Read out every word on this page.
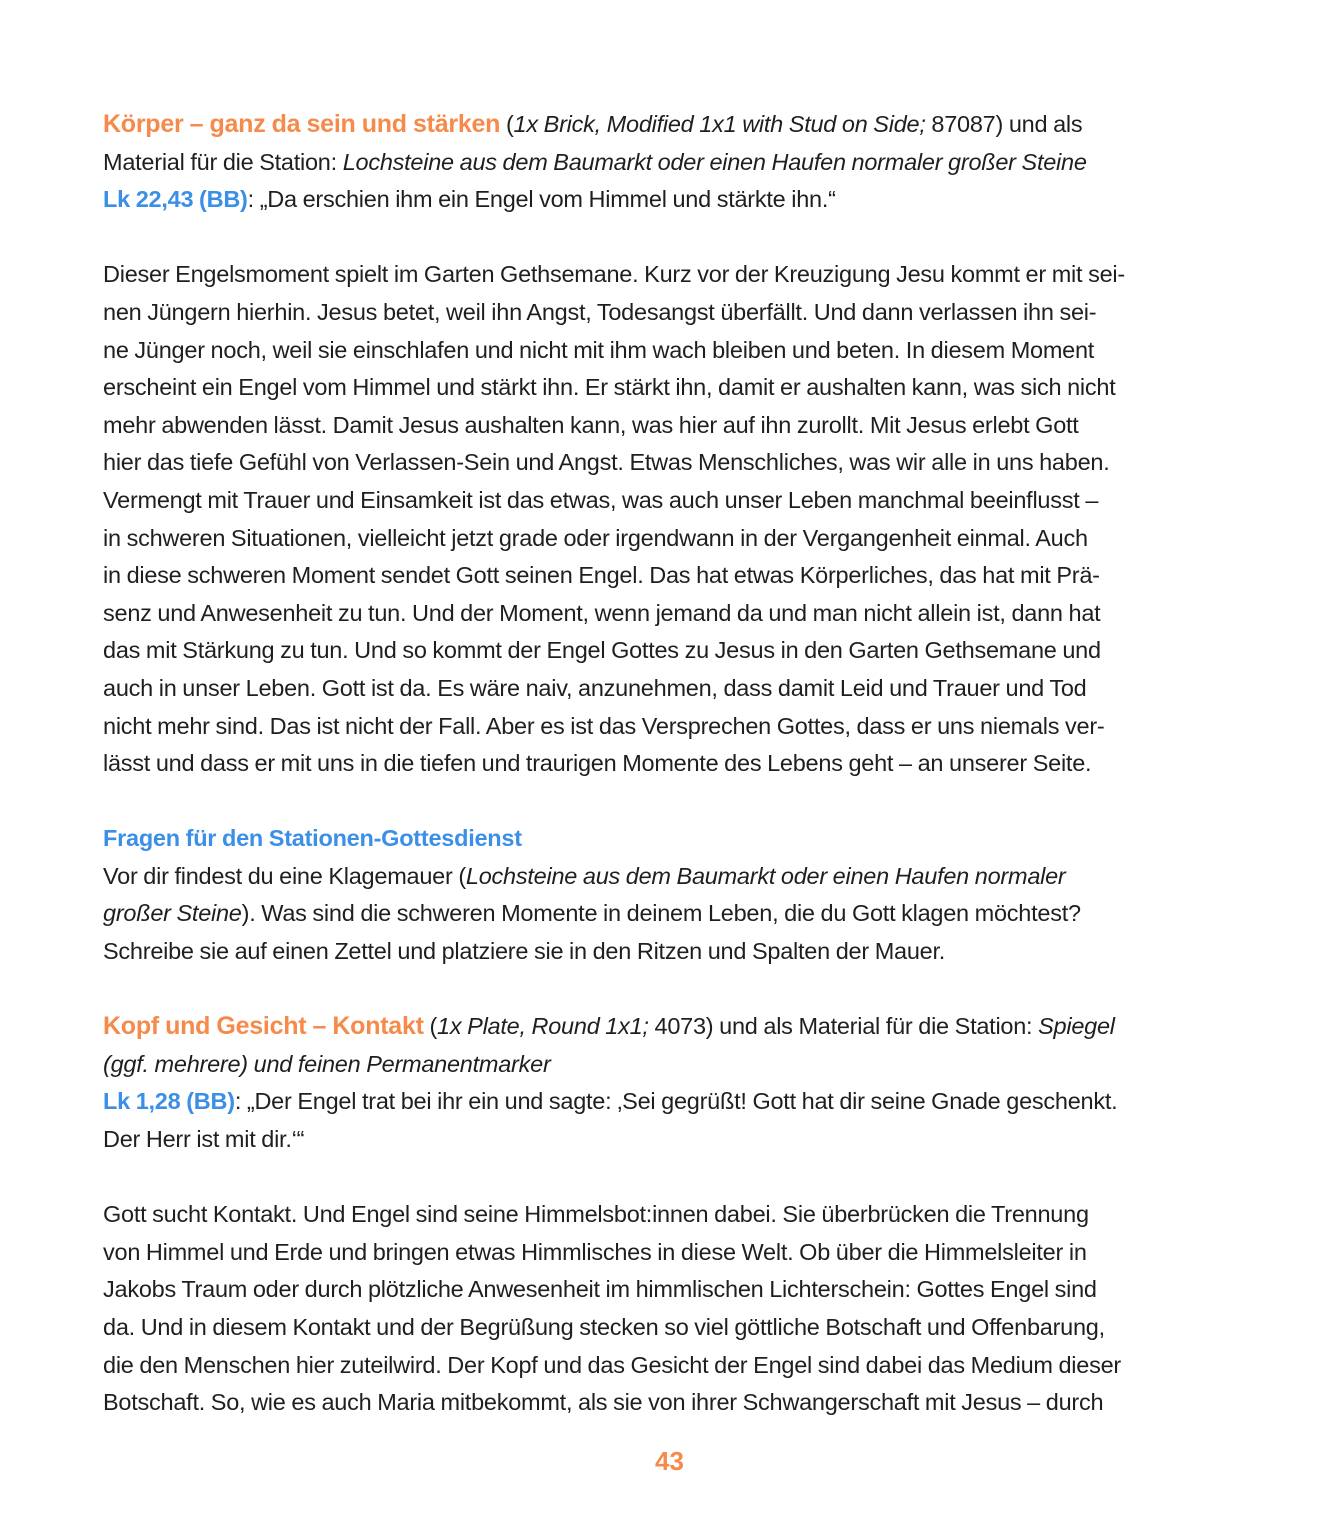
Körper – ganz da sein und stärken (1x Brick, Modified 1x1 with Stud on Side; 87087) und als
Material für die Station: Lochsteine aus dem Baumarkt oder einen Haufen normaler großer Steine
Lk 22,43 (BB): „Da erschien ihm ein Engel vom Himmel und stärkte ihn.“
Dieser Engelsmoment spielt im Garten Gethsemane. Kurz vor der Kreuzigung Jesu kommt er mit sei-
nen Jüngern hierhin. Jesus betet, weil ihn Angst, Todesangst überfällt. Und dann verlassen ihn sei-
ne Jünger noch, weil sie einschlafen und nicht mit ihm wach bleiben und beten. In diesem Moment
erscheint ein Engel vom Himmel und stärkt ihn. Er stärkt ihn, damit er aushalten kann, was sich nicht
mehr abwenden lässt. Damit Jesus aushalten kann, was hier auf ihn zurollt. Mit Jesus erlebt Gott
hier das tiefe Gefühl von Verlassen-Sein und Angst. Etwas Menschliches, was wir alle in uns haben.
Vermengt mit Trauer und Einsamkeit ist das etwas, was auch unser Leben manchmal beeinflusst –
in schweren Situationen, vielleicht jetzt grade oder irgendwann in der Vergangenheit einmal. Auch
in diese schweren Moment sendet Gott seinen Engel. Das hat etwas Körperliches, das hat mit Prä-
senz und Anwesenheit zu tun. Und der Moment, wenn jemand da und man nicht allein ist, dann hat
das mit Stärkung zu tun. Und so kommt der Engel Gottes zu Jesus in den Garten Gethsemane und
auch in unser Leben. Gott ist da. Es wäre naiv, anzunehmen, dass damit Leid und Trauer und Tod
nicht mehr sind. Das ist nicht der Fall. Aber es ist das Versprechen Gottes, dass er uns niemals ver-
lässt und dass er mit uns in die tiefen und traurigen Momente des Lebens geht – an unserer Seite.
Fragen für den Stationen-Gottesdienst
Vor dir findest du eine Klagemauer (Lochsteine aus dem Baumarkt oder einen Haufen normaler
großer Steine). Was sind die schweren Momente in deinem Leben, die du Gott klagen möchtest?
Schreibe sie auf einen Zettel und platziere sie in den Ritzen und Spalten der Mauer.
Kopf und Gesicht – Kontakt (1x Plate, Round 1x1; 4073) und als Material für die Station: Spiegel
(ggf. mehrere) und feinen Permanentmarker
Lk 1,28 (BB): „Der Engel trat bei ihr ein und sagte: ‚Sei gegrüßt! Gott hat dir seine Gnade geschenkt.
Der Herr ist mit dir.‘“
Gott sucht Kontakt. Und Engel sind seine Himmelsbot:innen dabei. Sie überbrücken die Trennung
von Himmel und Erde und bringen etwas Himmlisches in diese Welt. Ob über die Himmelsleiter in
Jakobs Traum oder durch plötzliche Anwesenheit im himmlischen Lichterschein: Gottes Engel sind
da. Und in diesem Kontakt und der Begrüßung stecken so viel göttliche Botschaft und Offenbarung,
die den Menschen hier zuteilwird. Der Kopf und das Gesicht der Engel sind dabei das Medium dieser
Botschaft. So, wie es auch Maria mitbekommt, als sie von ihrer Schwangerschaft mit Jesus – durch
43
